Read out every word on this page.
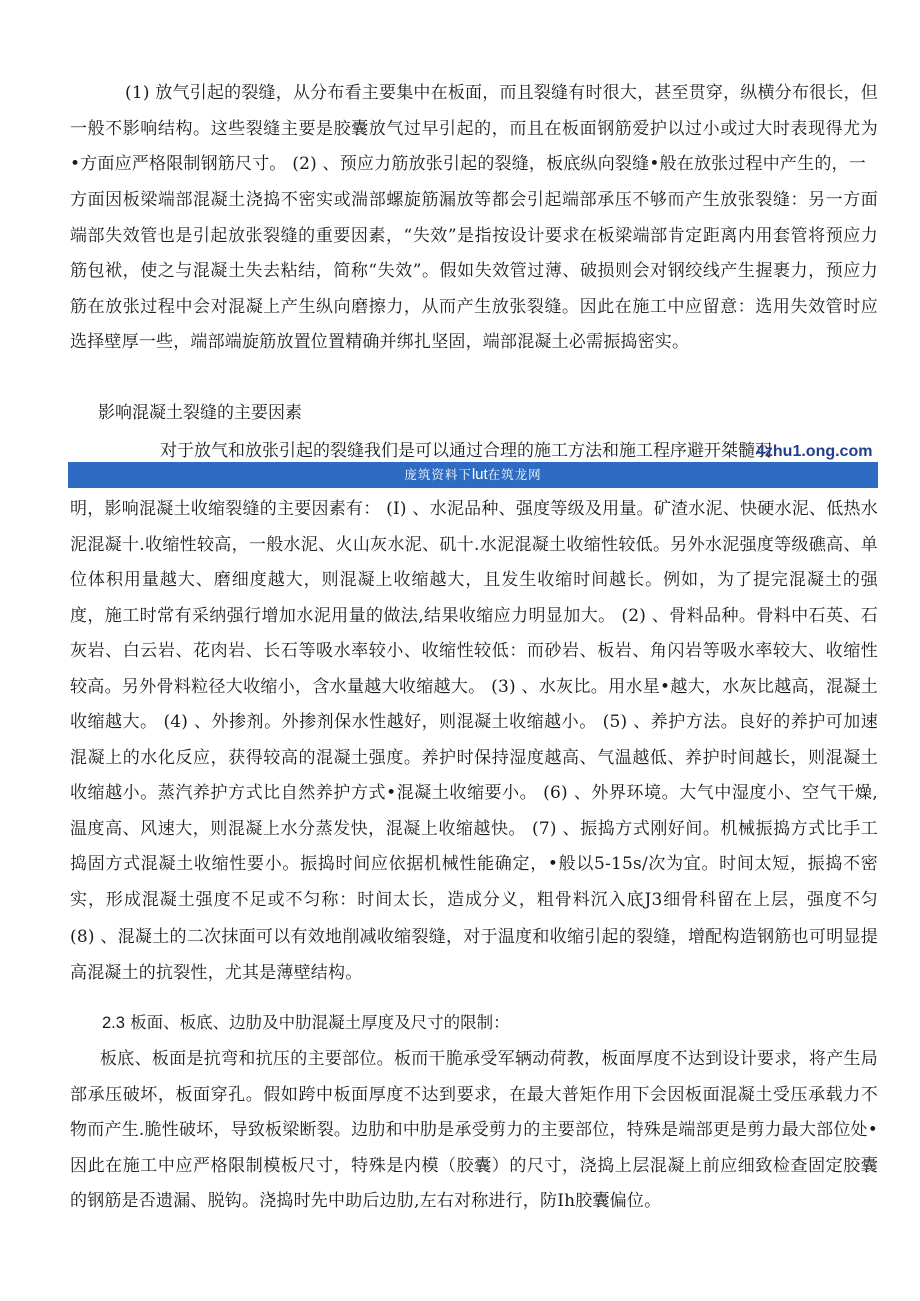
(1) 放气引起的裂缝，从分布看主要集中在板面，而且裂缝有时很大，甚至贯穿，纵横分布很长，但一般不影响结构。这些裂缝主要是胶囊放气过早引起的，而且在板面钢筋爱护以过小或过大时表现得尤为

•方面应严格限制钢筋尺寸。 (2) 、预应力筋放张引起的裂缝，板底纵向裂缝•般在放张过程中产生的，一

方面因板梁端部混凝土浇捣不密实或湍部螺旋筋漏放等都会引起端部承压不够而产生放张裂缝：另一方面端部失效管也是引起放张裂缝的重要因素，“失效”是指按设计要求在板梁端部肯定距离内用套管将预应力筋包袱，使之与混凝土失去粘结，简称“失效”。假如失效管过薄、破损则会对钢绞线产生握裹力，预应力筋在放张过程中会对混凝上产生纵向磨擦力，从而产生放张裂缝。因此在施工中应留意：选用失效管时应选择壁厚一些，端部端旋筋放置位置精确并绑扎坚固，端部混凝土必需振捣密实。

影响混凝土裂缝的主要因素

对于放气和放张引起的裂缝我们是可以通过合理的施工方法和施工程序避开桀髓羽

4zhu1.ong.com

庞筑资料下lut在筑龙网

明，影响混凝土收缩裂缝的主要因素有： (I) 、水泥品种、强度等级及用量。矿渣水泥、快硬水泥、低热水泥混凝十.收缩性较高，一般水泥、火山灰水泥、矶十.水泥混凝土收缩性较低。另外水泥强度等级礁高、单位体积用量越大、磨细度越大，则混凝上收缩越大，且发生收缩时间越长。例如，为了提完混凝土的强度，施工时常有采纳强行增加水泥用量的做法,结果收缩应力明显加大。 (2) 、骨料品种。骨料中石英、石灰岩、白云岩、花肉岩、长石等吸水率较小、收缩性较低：而砂岩、板岩、角闪岩等吸水率较大、收缩性较高。另外骨料粒径大收缩小，含水量越大收缩越大。 (3) 、水灰比。用水星•越大，水灰比越高，混凝土收缩越大。 (4) 、外掺剂。外掺剂保水性越好，则混凝土收缩越小。 (5) 、养护方法。良好的养护可加速混凝上的水化反应，获得较高的混凝土强度。养护时保持湿度越高、气温越低、养护时间越长，则混凝土收缩越小。蒸汽养护方式比自然养护方式•混凝土收缩要小。 (6) 、外界环境。大气中湿度小、空气干燥,温度高、风速大，则混凝上水分蒸发快，混凝上收缩越快。 (7) 、振捣方式刚好间。机械振捣方式比手工捣固方式混凝土收缩性要小。振捣时间应依据机械性能确定，•般以5-15s∕次为宜。时间太短，振捣不密实，形成混凝土强度不足或不匀称：时间太长，造成分义，粗骨料沉入底J3细骨科留在上层，强度不匀

(8) 、混凝土的二次抹面可以有效地削减收缩裂缝，对于温度和收缩引起的裂缝，增配构造钢筋也可明显提高混凝土的抗裂性，尤其是薄壁结构。

2.3 板面、板底、边肋及中肋混凝土厚度及尺寸的限制：

板底、板面是抗弯和抗压的主要部位。板而干脆承受军辆动荷教，板面厚度不达到设计要求，将产生局部承压破坏，板面穿孔。假如跨中板面厚度不达到要求，在最大普矩作用下会因板面混凝土受压承载力不物而产生.脆性破坏，导致板梁断裂。边肋和中肋是承受剪力的主要部位，特殊是端部更是剪力最大部位处•因此在施工中应严格限制模板尺寸，特殊是内模（胶囊）的尺寸，浇捣上层混凝上前应细致检查固定胶囊的钢筋是否遗漏、脱钩。浇捣时先中助后边肋,左右对称进行，防Ih胶囊偏位。
